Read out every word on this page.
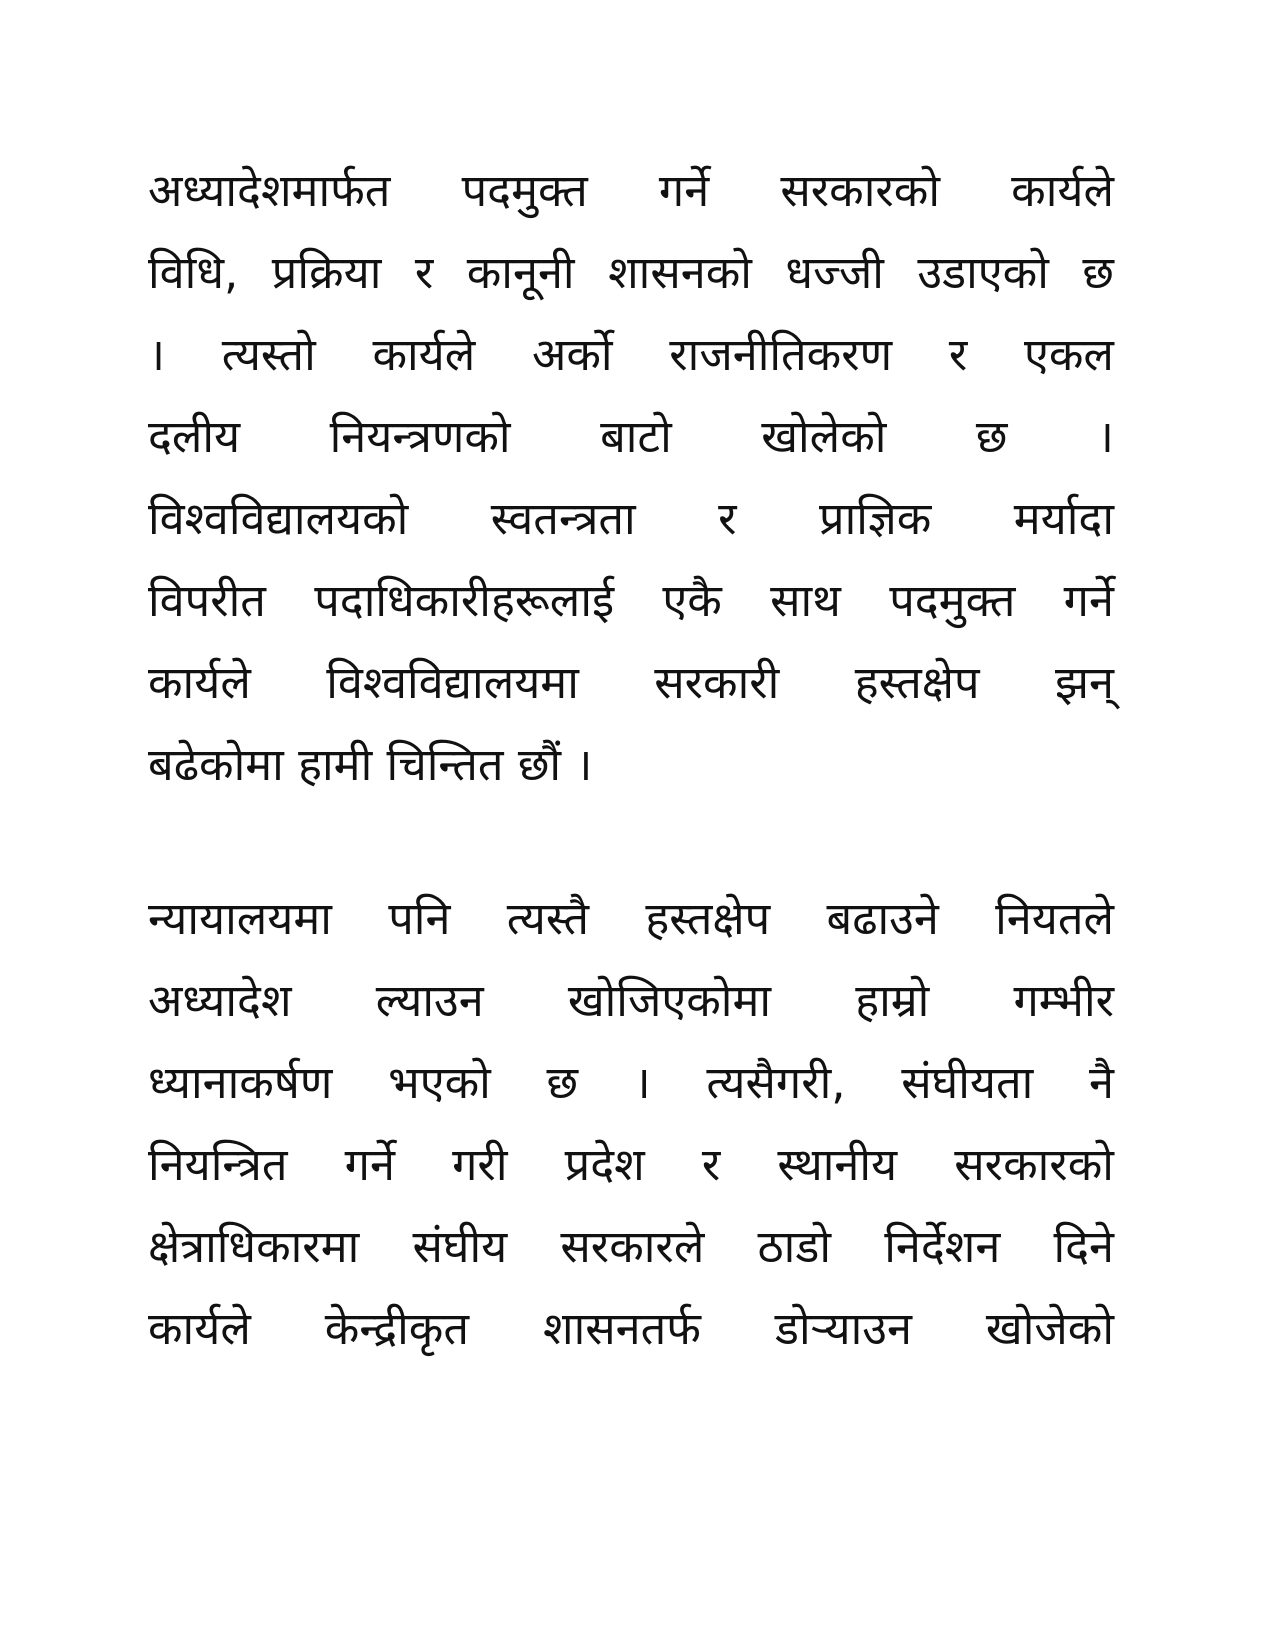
अध्यादेशमार्फत पदमुक्त गर्ने सरकारको कार्यले
विधि, प्रक्रिया र कानूनी शासनको धज्जी उडाएको छ
। त्यस्तो कार्यले अर्को राजनीतिकरण र एकल
दलीय नियन्त्रणको बाटो खोलेको छ ।
विश्वविद्यालयको स्वतन्त्रता र प्राज्ञिक मर्यादा
विपरीत पदाधिकारीहरूलाई एकै साथ पदमुक्त गर्ने
कार्यले विश्वविद्यालयमा सरकारी हस्तक्षेप झन्
बढेकोमा हामी चिन्तित छौं ।
न्यायालयमा पनि त्यस्तै हस्तक्षेप बढाउने नियतले
अध्यादेश ल्याउन खोजिएकोमा हाम्रो गम्भीर
ध्यानाकर्षण भएको छ । त्यसैगरी, संघीयता नै
नियन्त्रित गर्ने गरी प्रदेश र स्थानीय सरकारको
क्षेत्राधिकारमा संघीय सरकारले ठाडो निर्देशन दिने
कार्यले केन्द्रीकृत शासनतर्फ डोऱ्याउन खोजेको
